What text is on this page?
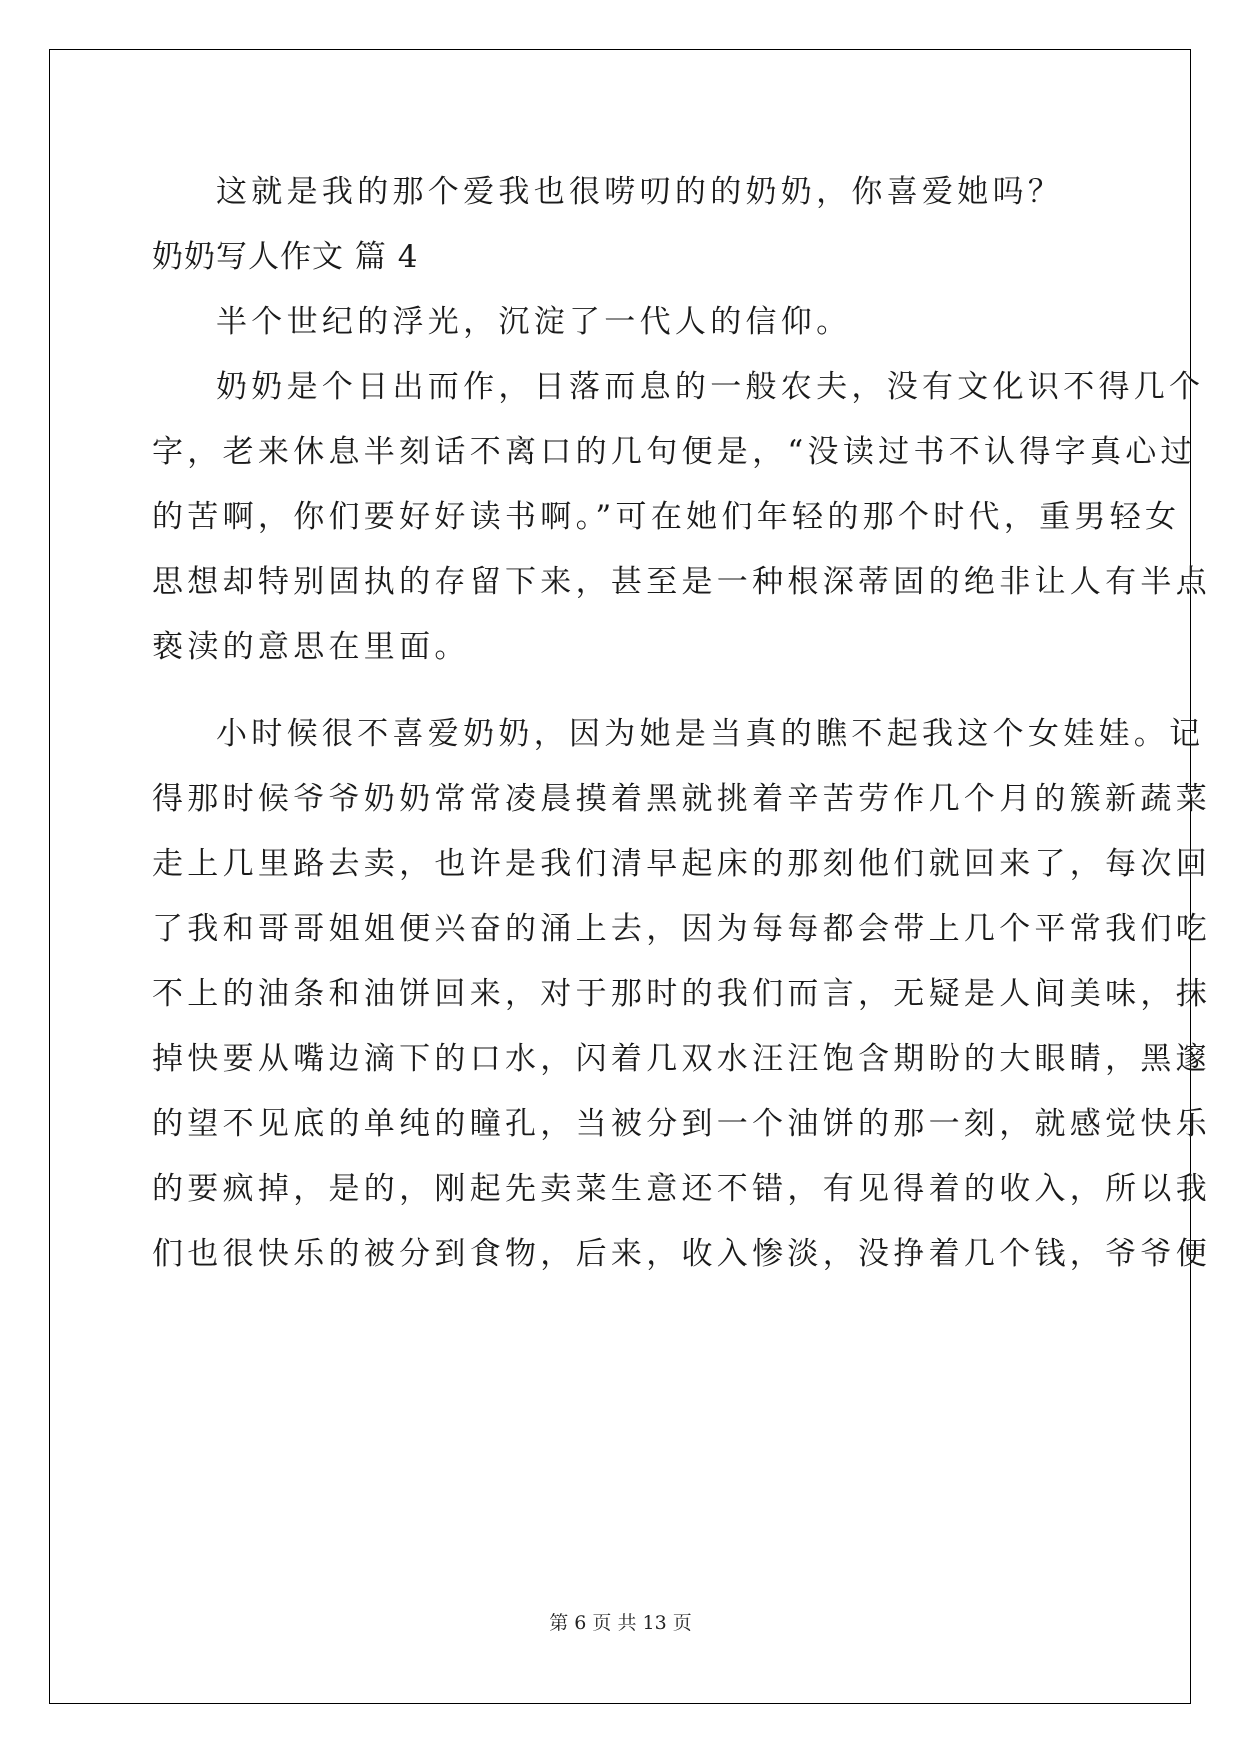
这就是我的那个爱我也很唠叨的的奶奶，你喜爱她吗？
奶奶写人作文 篇 4
半个世纪的浮光，沉淀了一代人的信仰。
奶奶是个日出而作，日落而息的一般农夫，没有文化识不得几个
字，老来休息半刻话不离口的几句便是，“没读过书不认得字真心过
的苦啊，你们要好好读书啊。”可在她们年轻的那个时代，重男轻女
思想却特别固执的存留下来，甚至是一种根深蒂固的绝非让人有半点
亵渎的意思在里面。
小时候很不喜爱奶奶，因为她是当真的瞧不起我这个女娃娃。记
得那时候爷爷奶奶常常凌晨摸着黑就挑着辛苦劳作几个月的簇新蔬菜
走上几里路去卖，也许是我们清早起床的那刻他们就回来了，每次回
了我和哥哥姐姐便兴奋的涌上去，因为每每都会带上几个平常我们吃
不上的油条和油饼回来，对于那时的我们而言，无疑是人间美味，抹
掉快要从嘴边滴下的口水，闪着几双水汪汪饱含期盼的大眼睛，黑邃
的望不见底的单纯的瞳孔，当被分到一个油饼的那一刻，就感觉快乐
的要疯掉，是的，刚起先卖菜生意还不错，有见得着的收入，所以我
们也很快乐的被分到食物，后来，收入惨淡，没挣着几个钱，爷爷便
第 6 页 共 13 页
